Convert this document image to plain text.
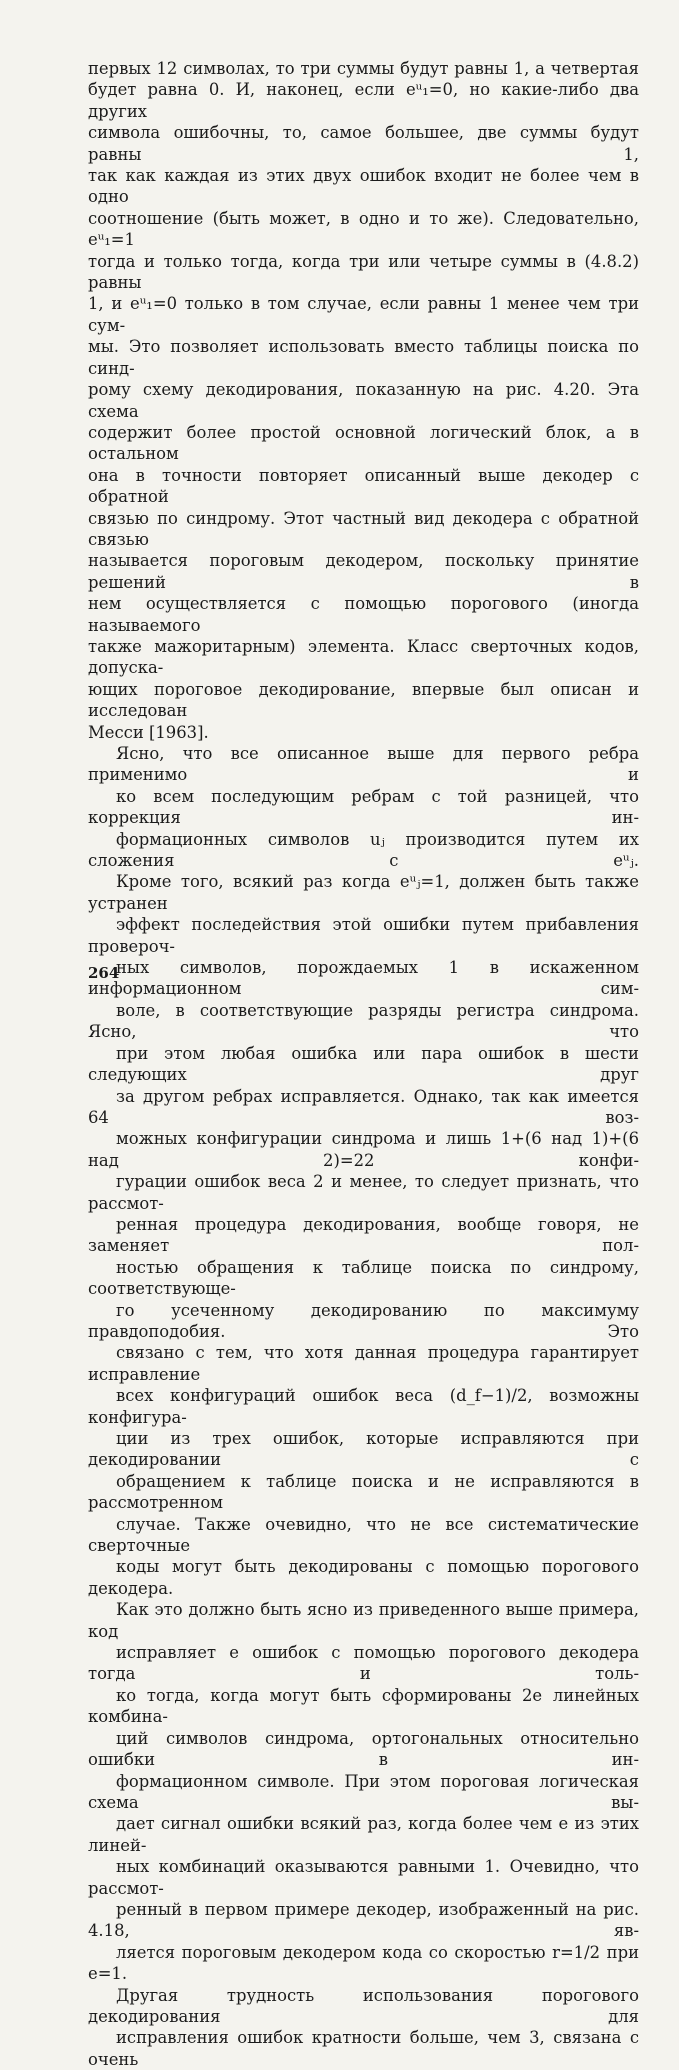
первых 12 символах, то три суммы будут равны 1, а четвертая
будет равна 0. И, наконец, если eᵘ₁=0, но какие-либо два других
символа ошибочны, то, самое большее, две суммы будут равны 1,
так как каждая из этих двух ошибок входит не более чем в одно
соотношение (быть может, в одно и то же). Следовательно, eᵘ₁=1
тогда и только тогда, когда три или четыре суммы в (4.8.2) равны
1, и eᵘ₁=0 только в том случае, если равны 1 менее чем три сум-
мы. Это позволяет использовать вместо таблицы поиска по синд-
рому схему декодирования, показанную на рис. 4.20. Эта схема
содержит более простой основной логический блок, а в остальном
она в точности повторяет описанный выше декодер с обратной
связью по синдрому. Этот частный вид декодера с обратной связью
называется пороговым декодером, поскольку принятие решений в
нем осуществляется с помощью порогового (иногда называемого
также мажоритарным) элемента. Класс сверточных кодов, допуска-
ющих пороговое декодирование, впервые был описан и исследован
Месси [1963].

Ясно, что все описанное выше для первого ребра применимо и
ко всем последующим ребрам с той разницей, что коррекция ин-
формационных символов uⱼ производится путем их сложения с eᵘⱼ.
Кроме того, всякий раз когда eᵘⱼ=1, должен быть также устранен
эффект последействия этой ошибки путем прибавления проверoч-
ных символов, порождаемых 1 в искаженном информационном сим-
воле, в соответствующие разряды регистра синдрома. Ясно, что
при этом любая ошибка или пара ошибок в шести следующих друг
за другом ребрах исправляется. Однако, так как имеется 64 воз-
можных конфигурации синдрома и лишь 1+(6 над 1)+(6 над 2)=22 конфи-
гурации ошибок веса 2 и менее, то следует признать, что рассмот-
ренная процедура декодирования, вообще говоря, не заменяет пол-
ностью обращения к таблице поиска по синдрому, соответствующе-
го усеченному декодированию по максимуму правдоподобия. Это
связано с тем, что хотя данная процедура гарантирует исправление
всех конфигураций ошибок веса (d_f−1)/2, возможны конфигура-
ции из трех ошибок, которые исправляются при декодировании с
обращением к таблице поиска и не исправляются в рассмотренном
случае. Также очевидно, что не все систематические сверточные
коды могут быть декодированы с помощью порогового декодера.
Как это должно быть ясно из приведенного выше примера, код
исправляет e ошибок с помощью порогового декодера тогда и толь-
ко тогда, когда могут быть сформированы 2e линейных комбина-
ций символов синдрома, ортогональных относительно ошибки в ин-
формационном символе. При этом пороговая логическая схема вы-
дает сигнал ошибки всякий раз, когда более чем e из этих линей-
ных комбинаций оказываются равными 1. Очевидно, что рассмот-
ренный в первом примере декодер, изображенный на рис. 4.18, яв-
ляется пороговым декодером кода со скоростью r=1/2 при e=1.

Другая трудность использования порогового декодирования для
исправления ошибок кратности больше, чем 3, связана с очень

264
